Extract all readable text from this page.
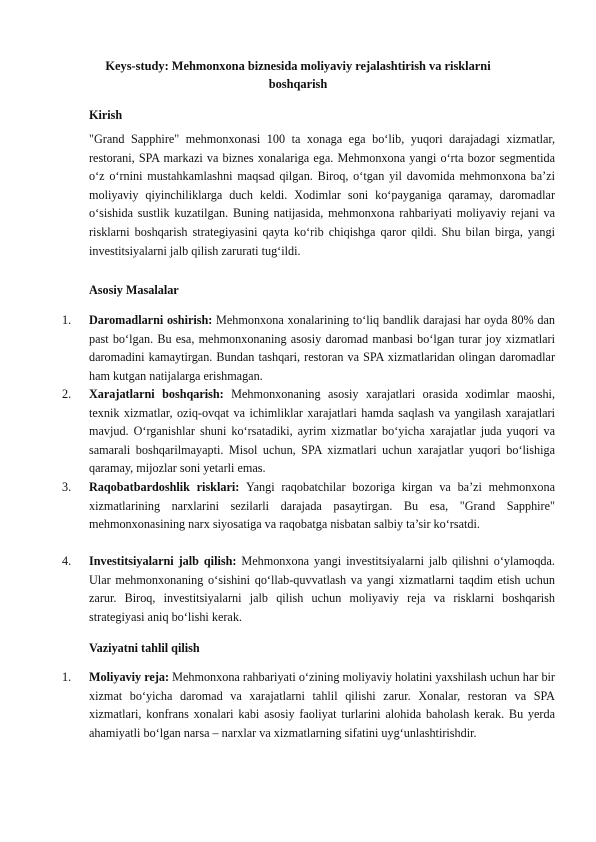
Keys-study: Mehmonxona biznesida moliyaviy rejalashtirish va risklarni boshqarish
Kirish
"Grand Sapphire" mehmonxonasi 100 ta xonaga ega bo‘lib, yuqori darajadagi xizmatlar, restorani, SPA markazi va biznes xonalariga ega. Mehmonxona yangi o‘rta bozor segmentida o‘z o‘rnini mustahkamlashni maqsad qilgan. Biroq, o‘tgan yil davomida mehmonxona ba’zi moliyaviy qiyinchiliklarga duch keldi. Xodimlar soni ko‘payganiga qaramay, daromadlar o‘sishida sustlik kuzatilgan. Buning natijasida, mehmonxona rahbariyati moliyaviy rejani va risklarni boshqarish strategiyasini qayta ko‘rib chiqishga qaror qildi. Shu bilan birga, yangi investitsiyalarni jalb qilish zarurati tug‘ildi.
Asosiy Masalalar
1. Daromadlarni oshirish: Mehmonxona xonalarining to‘liq bandlik darajasi har oyda 80% dan past bo‘lgan. Bu esa, mehmonxonaning asosiy daromad manbasi bo‘lgan turar joy xizmatlari daromadini kamaytirgan. Bundan tashqari, restoran va SPA xizmatlaridan olingan daromadlar ham kutgan natijalarga erishmagan.
2. Xarajatlarni boshqarish: Mehmonxonaning asosiy xarajatlari orasida xodimlar maoshi, texnik xizmatlar, oziq-ovqat va ichimliklar xarajatlari hamda saqlash va yangilash xarajatlari mavjud. O‘rganishlar shuni ko‘rsatadiki, ayrim xizmatlar bo‘yicha xarajatlar juda yuqori va samarali boshqarilmayapti. Misol uchun, SPA xizmatlari uchun xarajatlar yuqori bo‘lishiga qaramay, mijozlar soni yetarli emas.
3. Raqobatbardoshlik risklari: Yangi raqobatchilar bozoriga kirgan va ba’zi mehmonxona xizmatlarining narxlarini sezilarli darajada pasaytirgan. Bu esa, "Grand Sapphire" mehmonxonasining narx siyosatiga va raqobatga nisbatan salbiy ta’sir ko‘rsatdi.
4. Investitsiyalarni jalb qilish: Mehmonxona yangi investitsiyalarni jalb qilishni o‘ylamoqda. Ular mehmonxonaning o‘sishini qo‘llab-quvvatlash va yangi xizmatlarni taqdim etish uchun zarur. Biroq, investitsiyalarni jalb qilish uchun moliyaviy reja va risklarni boshqarish strategiyasi aniq bo‘lishi kerak.
Vaziyatni tahlil qilish
1. Moliyaviy reja: Mehmonxona rahbariyati o‘zining moliyaviy holatini yaxshilash uchun har bir xizmat bo‘yicha daromad va xarajatlarni tahlil qilishi zarur. Xonalar, restoran va SPA xizmatlari, konfrans xonalari kabi asosiy faoliyat turlarini alohida baholash kerak. Bu yerda ahamiyatli bo‘lgan narsa – narxlar va xizmatlarning sifatini uyg‘unlashtirishdir.
